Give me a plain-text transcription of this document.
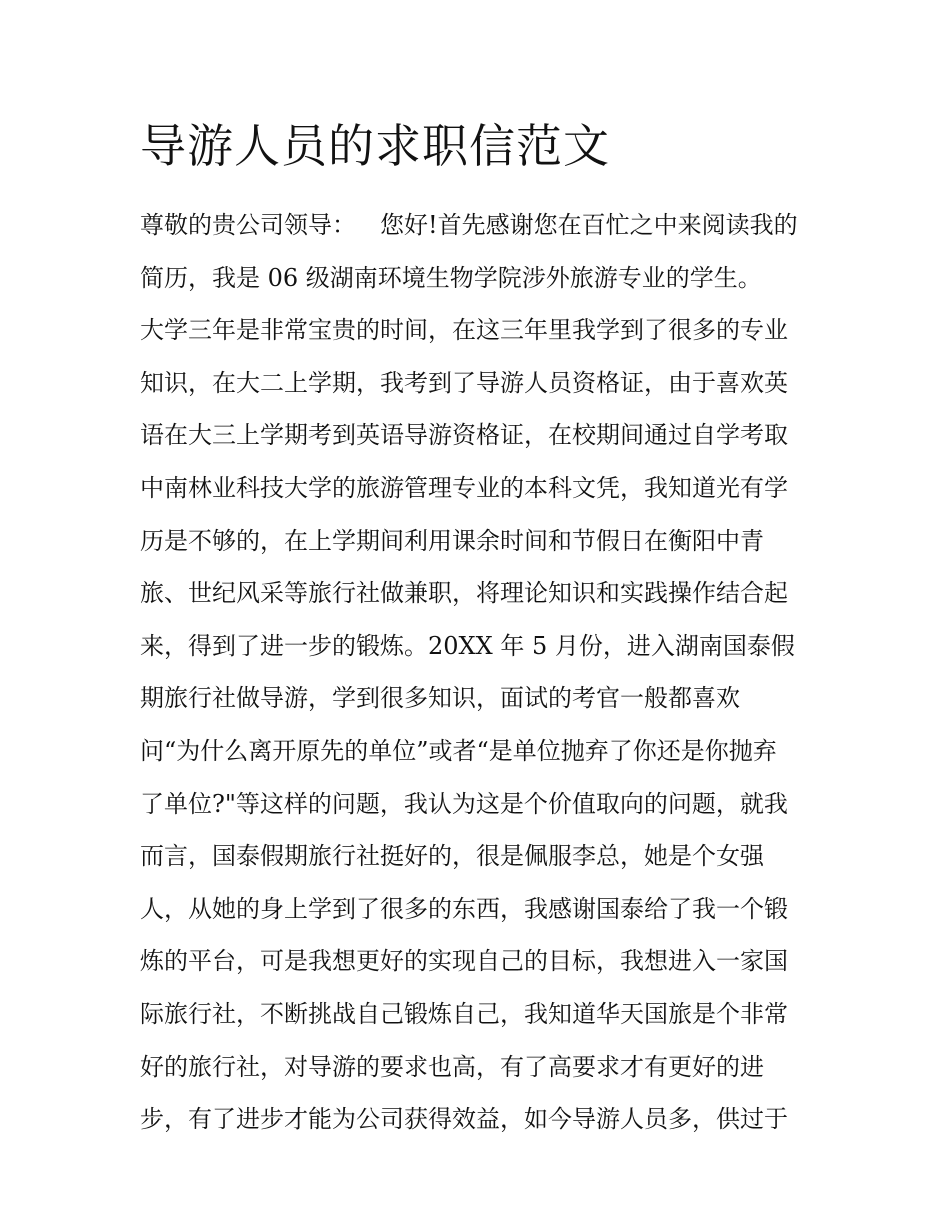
导游人员的求职信范文
尊敬的贵公司领导： 您好!首先感谢您在百忙之中来阅读我的
简历，我是 06 级湖南环境生物学院涉外旅游专业的学生。
大学三年是非常宝贵的时间，在这三年里我学到了很多的专业
知识，在大二上学期，我考到了导游人员资格证，由于喜欢英
语在大三上学期考到英语导游资格证，在校期间通过自学考取
中南林业科技大学的旅游管理专业的本科文凭，我知道光有学
历是不够的，在上学期间利用课余时间和节假日在衡阳中青
旅、世纪风采等旅行社做兼职，将理论知识和实践操作结合起
来，得到了进一步的锻炼。20XX 年 5 月份，进入湖南国泰假
期旅行社做导游，学到很多知识，面试的考官一般都喜欢
问“为什么离开原先的单位”或者“是单位抛弃了你还是你抛弃
了单位?"等这样的问题，我认为这是个价值取向的问题，就我
而言，国泰假期旅行社挺好的，很是佩服李总，她是个女强
人，从她的身上学到了很多的东西，我感谢国泰给了我一个锻
炼的平台，可是我想更好的实现自己的目标，我想进入一家国
际旅行社，不断挑战自己锻炼自己，我知道华天国旅是个非常
好的旅行社，对导游的要求也高，有了高要求才有更好的进
步，有了进步才能为公司获得效益，如今导游人员多，供过于
